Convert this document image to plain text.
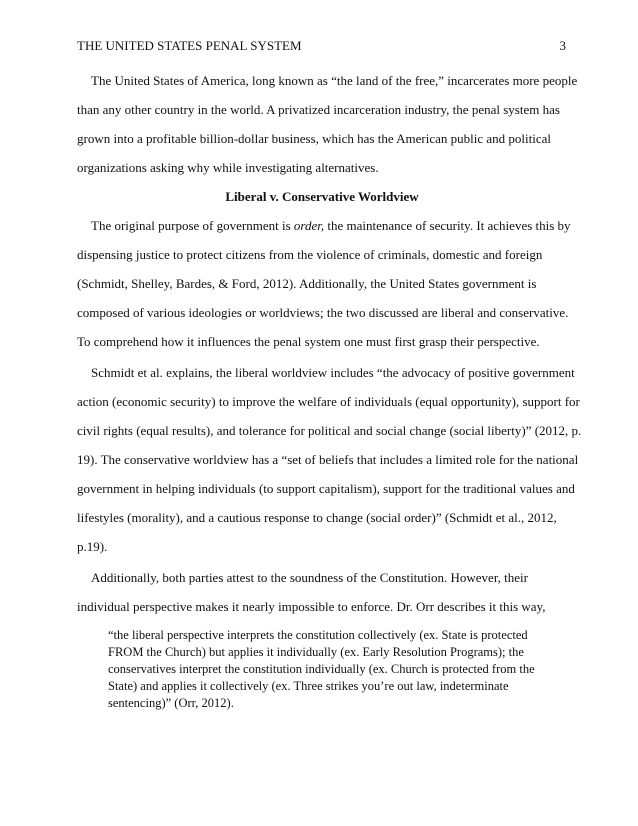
THE UNITED STATES PENAL SYSTEM	3

The United States of America, long known as “the land of the free,” incarcerates more people
than any other country in the world. A privatized incarceration industry, the penal system has
grown into a profitable billion-dollar business, which has the American public and political
organizations asking why while investigating alternatives.

Liberal v. Conservative Worldview

The original purpose of government is order, the maintenance of security. It achieves this by
dispensing justice to protect citizens from the violence of criminals, domestic and foreign
(Schmidt, Shelley, Bardes, & Ford, 2012). Additionally, the United States government is
composed of various ideologies or worldviews; the two discussed are liberal and conservative.
To comprehend how it influences the penal system one must first grasp their perspective.

Schmidt et al. explains, the liberal worldview includes “the advocacy of positive government
action (economic security) to improve the welfare of individuals (equal opportunity), support for
civil rights (equal results), and tolerance for political and social change (social liberty)” (2012, p.
19). The conservative worldview has a “set of beliefs that includes a limited role for the national
government in helping individuals (to support capitalism), support for the traditional values and
lifestyles (morality), and a cautious response to change (social order)” (Schmidt et al., 2012,
p.19).

Additionally, both parties attest to the soundness of the Constitution. However, their
individual perspective makes it nearly impossible to enforce. Dr. Orr describes it this way,

“the liberal perspective interprets the constitution collectively (ex. State is protected
FROM the Church) but applies it individually (ex. Early Resolution Programs); the
conservatives interpret the constitution individually (ex. Church is protected from the
State) and applies it collectively (ex. Three strikes you’re out law, indeterminate
sentencing)” (Orr, 2012).
